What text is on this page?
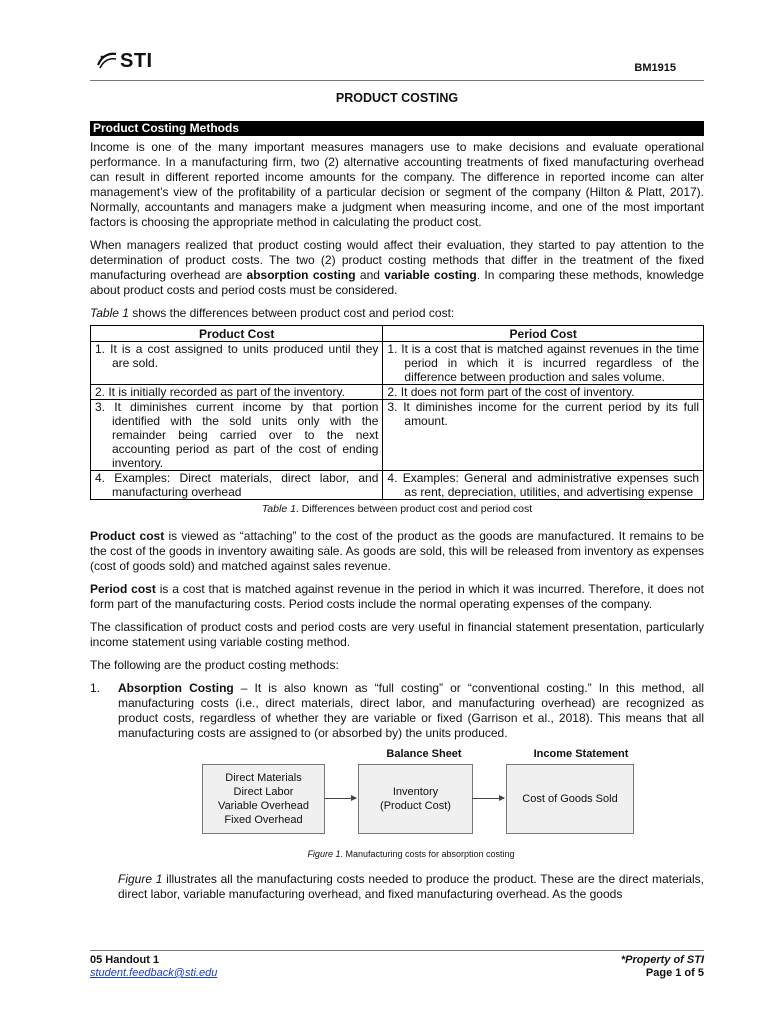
STI	BM1915
PRODUCT COSTING
Product Costing Methods

Income is one of the many important measures managers use to make decisions and evaluate operational performance. In a manufacturing firm, two (2) alternative accounting treatments of fixed manufacturing overhead can result in different reported income amounts for the company. The difference in reported income can alter management’s view of the profitability of a particular decision or segment of the company (Hilton & Platt, 2017). Normally, accountants and managers make a judgment when measuring income, and one of the most important factors is choosing the appropriate method in calculating the product cost.

When managers realized that product costing would affect their evaluation, they started to pay attention to the determination of product costs. The two (2) product costing methods that differ in the treatment of the fixed manufacturing overhead are absorption costing and variable costing. In comparing these methods, knowledge about product costs and period costs must be considered.

Table 1 shows the differences between product cost and period cost:

Product Cost	Period Cost

1. It is a cost assigned to units produced until they are sold.	1. It is a cost that is matched against revenues in the time period in which it is incurred regardless of the difference between production and sales volume.

2. It is initially recorded as part of the inventory.	2. It does not form part of the cost of inventory.

3. It diminishes current income by that portion identified with the sold units only with the remainder being carried over to the next accounting period as part of the cost of ending inventory.	3. It diminishes income for the current period by its full amount.

4. Examples: Direct materials, direct labor, and manufacturing overhead	4. Examples: General and administrative expenses such as rent, depreciation, utilities, and advertising expense
Table 1. Differences between product cost and period cost

Product cost is viewed as “attaching” to the cost of the product as the goods are manufactured. It remains to be the cost of the goods in inventory awaiting sale. As goods are sold, this will be released from inventory as expenses (cost of goods sold) and matched against sales revenue.

Period cost is a cost that is matched against revenue in the period in which it was incurred. Therefore, it does not form part of the manufacturing costs. Period costs include the normal operating expenses of the company.

The classification of product costs and period costs are very useful in financial statement presentation, particularly income statement using variable costing method.

The following are the product costing methods:

1. Absorption Costing – It is also known as “full costing” or “conventional costing.” In this method, all manufacturing costs (i.e., direct materials, direct labor, and manufacturing overhead) are recognized as product costs, regardless of whether they are variable or fixed (Garrison et al., 2018). This means that all manufacturing costs are assigned to (or absorbed by) the units produced.
Balance Sheet	Income Statement
Direct Materials
Direct Labor
Variable Overhead
Fixed Overhead
Inventory
(Product Cost)
Cost of Goods Sold
Figure 1. Manufacturing costs for absorption costing

Figure 1 illustrates all the manufacturing costs needed to produce the product. These are the direct materials, direct labor, variable manufacturing overhead, and fixed manufacturing overhead. As the goods

05 Handout 1
student.feedback@sti.edu
*Property of STI
Page 1 of 5
